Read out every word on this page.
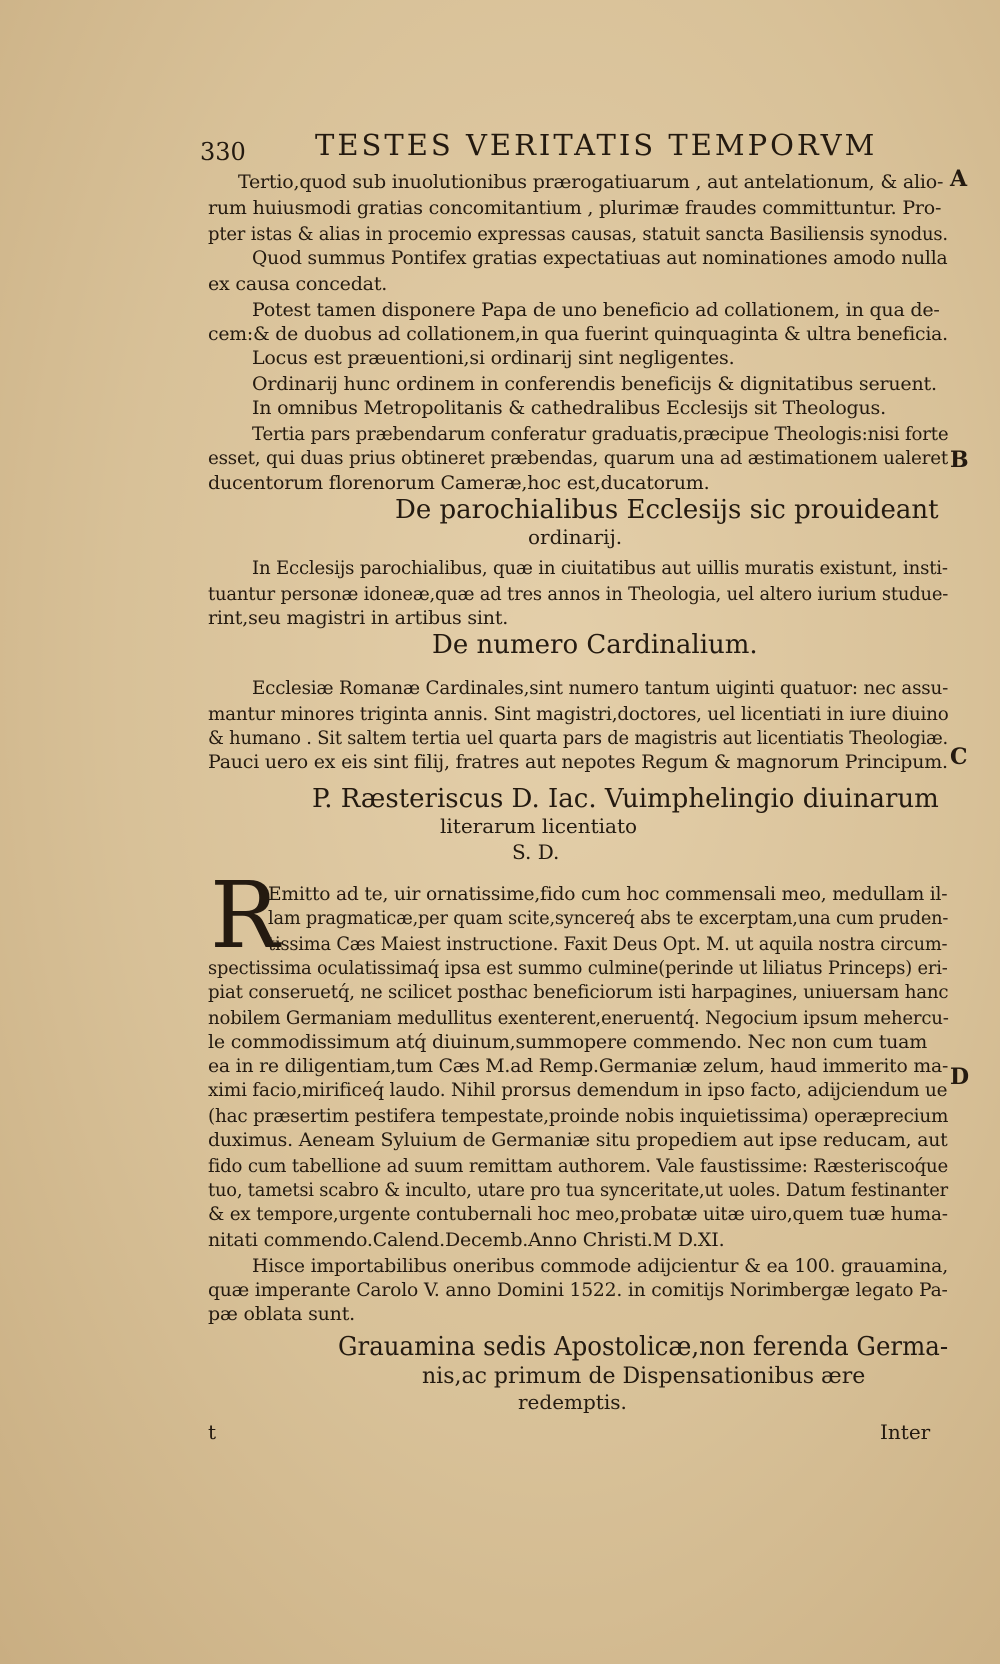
330 TESTES VERITATIS TEMPORVM
A
B
C
D
Tertio,quod sub inuolutionibus prærogatiuarum , aut antelationum, & alio-
rum huiusmodi gratias concomitantium , plurimæ fraudes committuntur. Pro-
pter istas & alias in procemio expressas causas, statuit sancta Basiliensis synodus.
Quod summus Pontifex gratias expectatiuas aut nominationes amodo nulla
ex causa concedat.
Potest tamen disponere Papa de uno beneficio ad collationem, in qua de-
cem:& de duobus ad collationem,in qua fuerint quinquaginta & ultra beneficia.
Locus est præuentioni,si ordinarij sint negligentes.
Ordinarij hunc ordinem in conferendis beneficijs & dignitatibus seruent.
In omnibus Metropolitanis & cathedralibus Ecclesijs sit Theologus.
Tertia pars præbendarum conferatur graduatis,præcipue Theologis:nisi forte
esset, qui duas prius obtineret præbendas, quarum una ad æstimationem ualeret
ducentorum florenorum Cameræ,hoc est,ducatorum.
De parochialibus Ecclesijs sic prouideant
ordinarij.
In Ecclesijs parochialibus, quæ in ciuitatibus aut uillis muratis existunt, insti-
tuantur personæ idoneæ,quæ ad tres annos in Theologia, uel altero iurium studue-
rint,seu magistri in artibus sint.
De numero Cardinalium.
Ecclesiæ Romanæ Cardinales,sint numero tantum uiginti quatuor: nec assu-
mantur minores triginta annis. Sint magistri,doctores, uel licentiati in iure diuino
& humano . Sit saltem tertia uel quarta pars de magistris aut licentiatis Theologiæ.
Pauci uero ex eis sint filij, fratres aut nepotes Regum & magnorum Principum.
P. Ræsteriscus D. Iac. Vuimphelingio diuinarum
literarum licentiato
S. D.
R
Emitto ad te, uir ornatissime,fido cum hoc commensali meo, medullam il-
lam pragmaticæ,per quam scite,syncereq́ abs te excerptam,una cum pruden-
tissima Cæs Maiest instructione. Faxit Deus Opt. M. ut aquila nostra circum-
spectissima oculatissimaq́ ipsa est summo culmine(perinde ut liliatus Princeps) eri-
piat conseruetq́, ne scilicet posthac beneficiorum isti harpagines, uniuersam hanc
nobilem Germaniam medullitus exenterent,eneruentq́. Negocium ipsum mehercu-
le commodissimum atq́ diuinum,summopere commendo. Nec non cum tuam
ea in re diligentiam,tum Cæs M.ad Remp.Germaniæ zelum, haud immerito ma-
ximi facio,mirificeq́ laudo. Nihil prorsus demendum in ipso facto, adijciendum ue
(hac præsertim pestifera tempestate,proinde nobis inquietissima) operæprecium
duximus. Aeneam Syluium de Germaniæ situ propediem aut ipse reducam, aut
fido cum tabellione ad suum remittam authorem. Vale faustissime: Ræsteriscoq́ue
tuo, tametsi scabro & inculto, utare pro tua synceritate,ut uoles. Datum festinanter
& ex tempore,urgente contubernali hoc meo,probatæ uitæ uiro,quem tuæ huma-
nitati commendo.Calend.Decemb.Anno Christi.M D.XI.
Hisce importabilibus oneribus commode adijcientur & ea 100. grauamina,
quæ imperante Carolo V. anno Domini 1522. in comitijs Norimbergæ legato Pa-
pæ oblata sunt.
Grauamina sedis Apostolicæ,non ferenda Germa-
nis,ac primum de Dispensationibus ære
redemptis.
t	Inter
